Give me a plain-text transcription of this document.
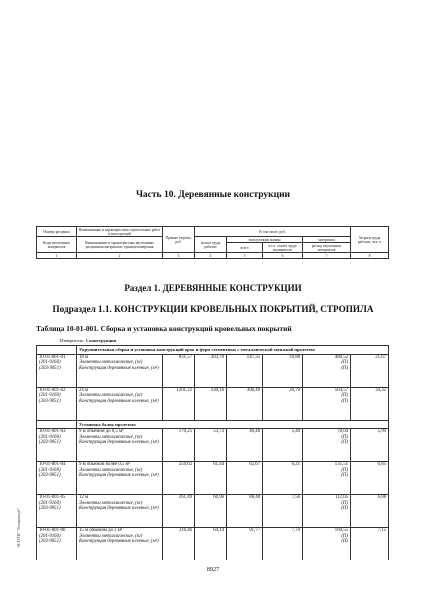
Часть 10. Деревянные конструкции
Номера расценок	Наименование и характеристика строительных работ и конструкций	Прямые затраты, руб.	В том числе, руб.				Затраты труда рабочих, чел.-ч
Коды неучтенных материалов	Наименование и характеристика неучтенных расценками материалов, единица измерения		оплата труда рабочих	эксплуатация машин		материалы	
				всего	в т.ч. оплата труда машинистов	расход неучтенных материалов	
1	2	3	4	5	6	7	8
Раздел 1. ДЕРЕВЯННЫЕ КОНСТРУКЦИИ
Подраздел 1.1. КОНСТРУКЦИИ КРОВЕЛЬНЫХ ПОКРЫТИЙ, СТРОПИЛА
Таблица 10-01-001. Сборка и установка конструкций кровельных покрытий
Измеритель: 1 конструкция
	Укрупнительная сборка и установка конструкций арок и ферм сегментных с металлической затяжкой пролетом:						

10-01-001-01
(201-9160)
(203-9051)	18 м
Элементы металлические, (кг)
Конструкция деревянные клееные, (м³)	831,57	203,70	147,35	10,80	480,52
(П)
(П)	21,67

10-01-001-02
(201-9160)
(203-9051)	24 м
Элементы металлические, (кг)
Конструкция деревянные клееные, (м³)	1201,22	330,16	306,49	20,79	564,57
(П)
(П)	34,32
	Установка балок пролетом:						

10-01-001-03
(201-9160)
(203-9051)	9 м объемом до 0,5 м³
Элементы металлические, (кг)
Конструкция деревянные клееные, (м³)	170,25	53,73	46,48	5,40	70,04
(П)
(П)	5,99

10-01-001-04
(201-9160)
(203-9051)	9 м объемом более 0,5 м³
Элементы металлические, (кг)
Конструкция деревянные клееные, (м³)	259,62	61,44	62,67	6,21	135,51
(П)
(П)	6,85

10-01-001-05
(201-9160)
(203-9051)	12 м
Элементы металлические, (кг)
Конструкция деревянные клееные, (м³)	261,49	60,96	88,48	7,56	112,05
(П)
(П)	6,88

10-01-001-06
(201-9160)
(203-9051)	15 м объемом до 2 м³
Элементы металлические, (кг)
Конструкция деревянные клееные, (м³)	316,46	64,14	91,77	7,70	160,55
(П)
(П)	7,15
8927
ЭСНТИ "Техэксперт"
